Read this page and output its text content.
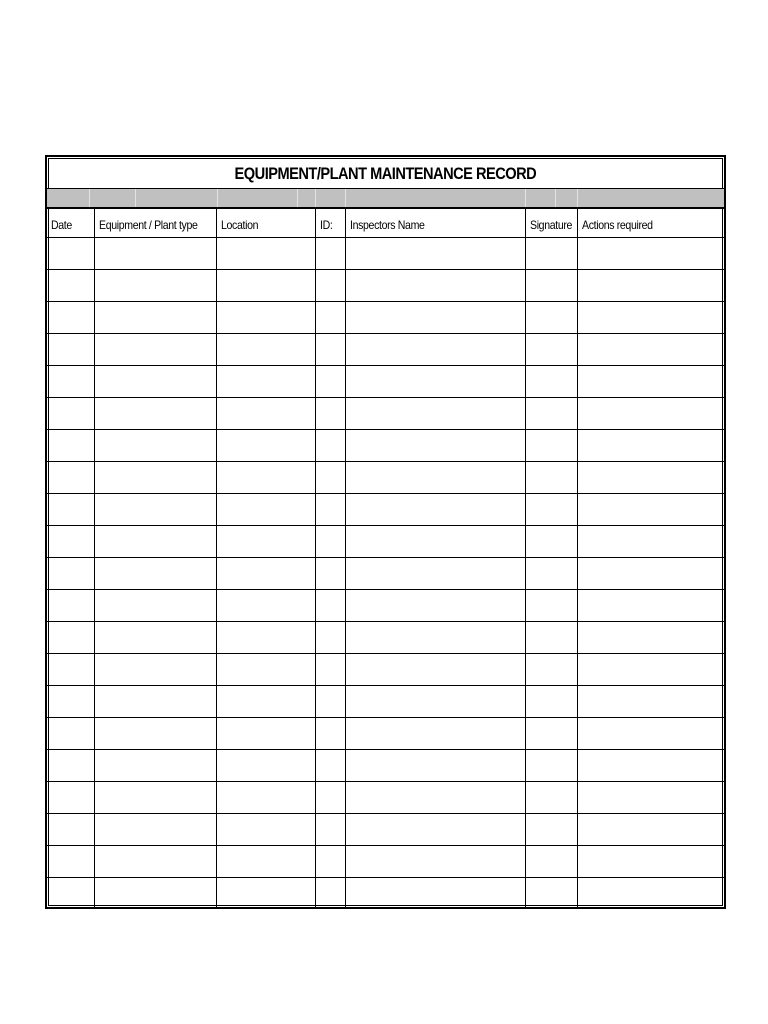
EQUIPMENT/PLANT MAINTENANCE RECORD
Date	Equipment / Plant type	Location	ID:	Inspectors Name	Signature	Actions required
